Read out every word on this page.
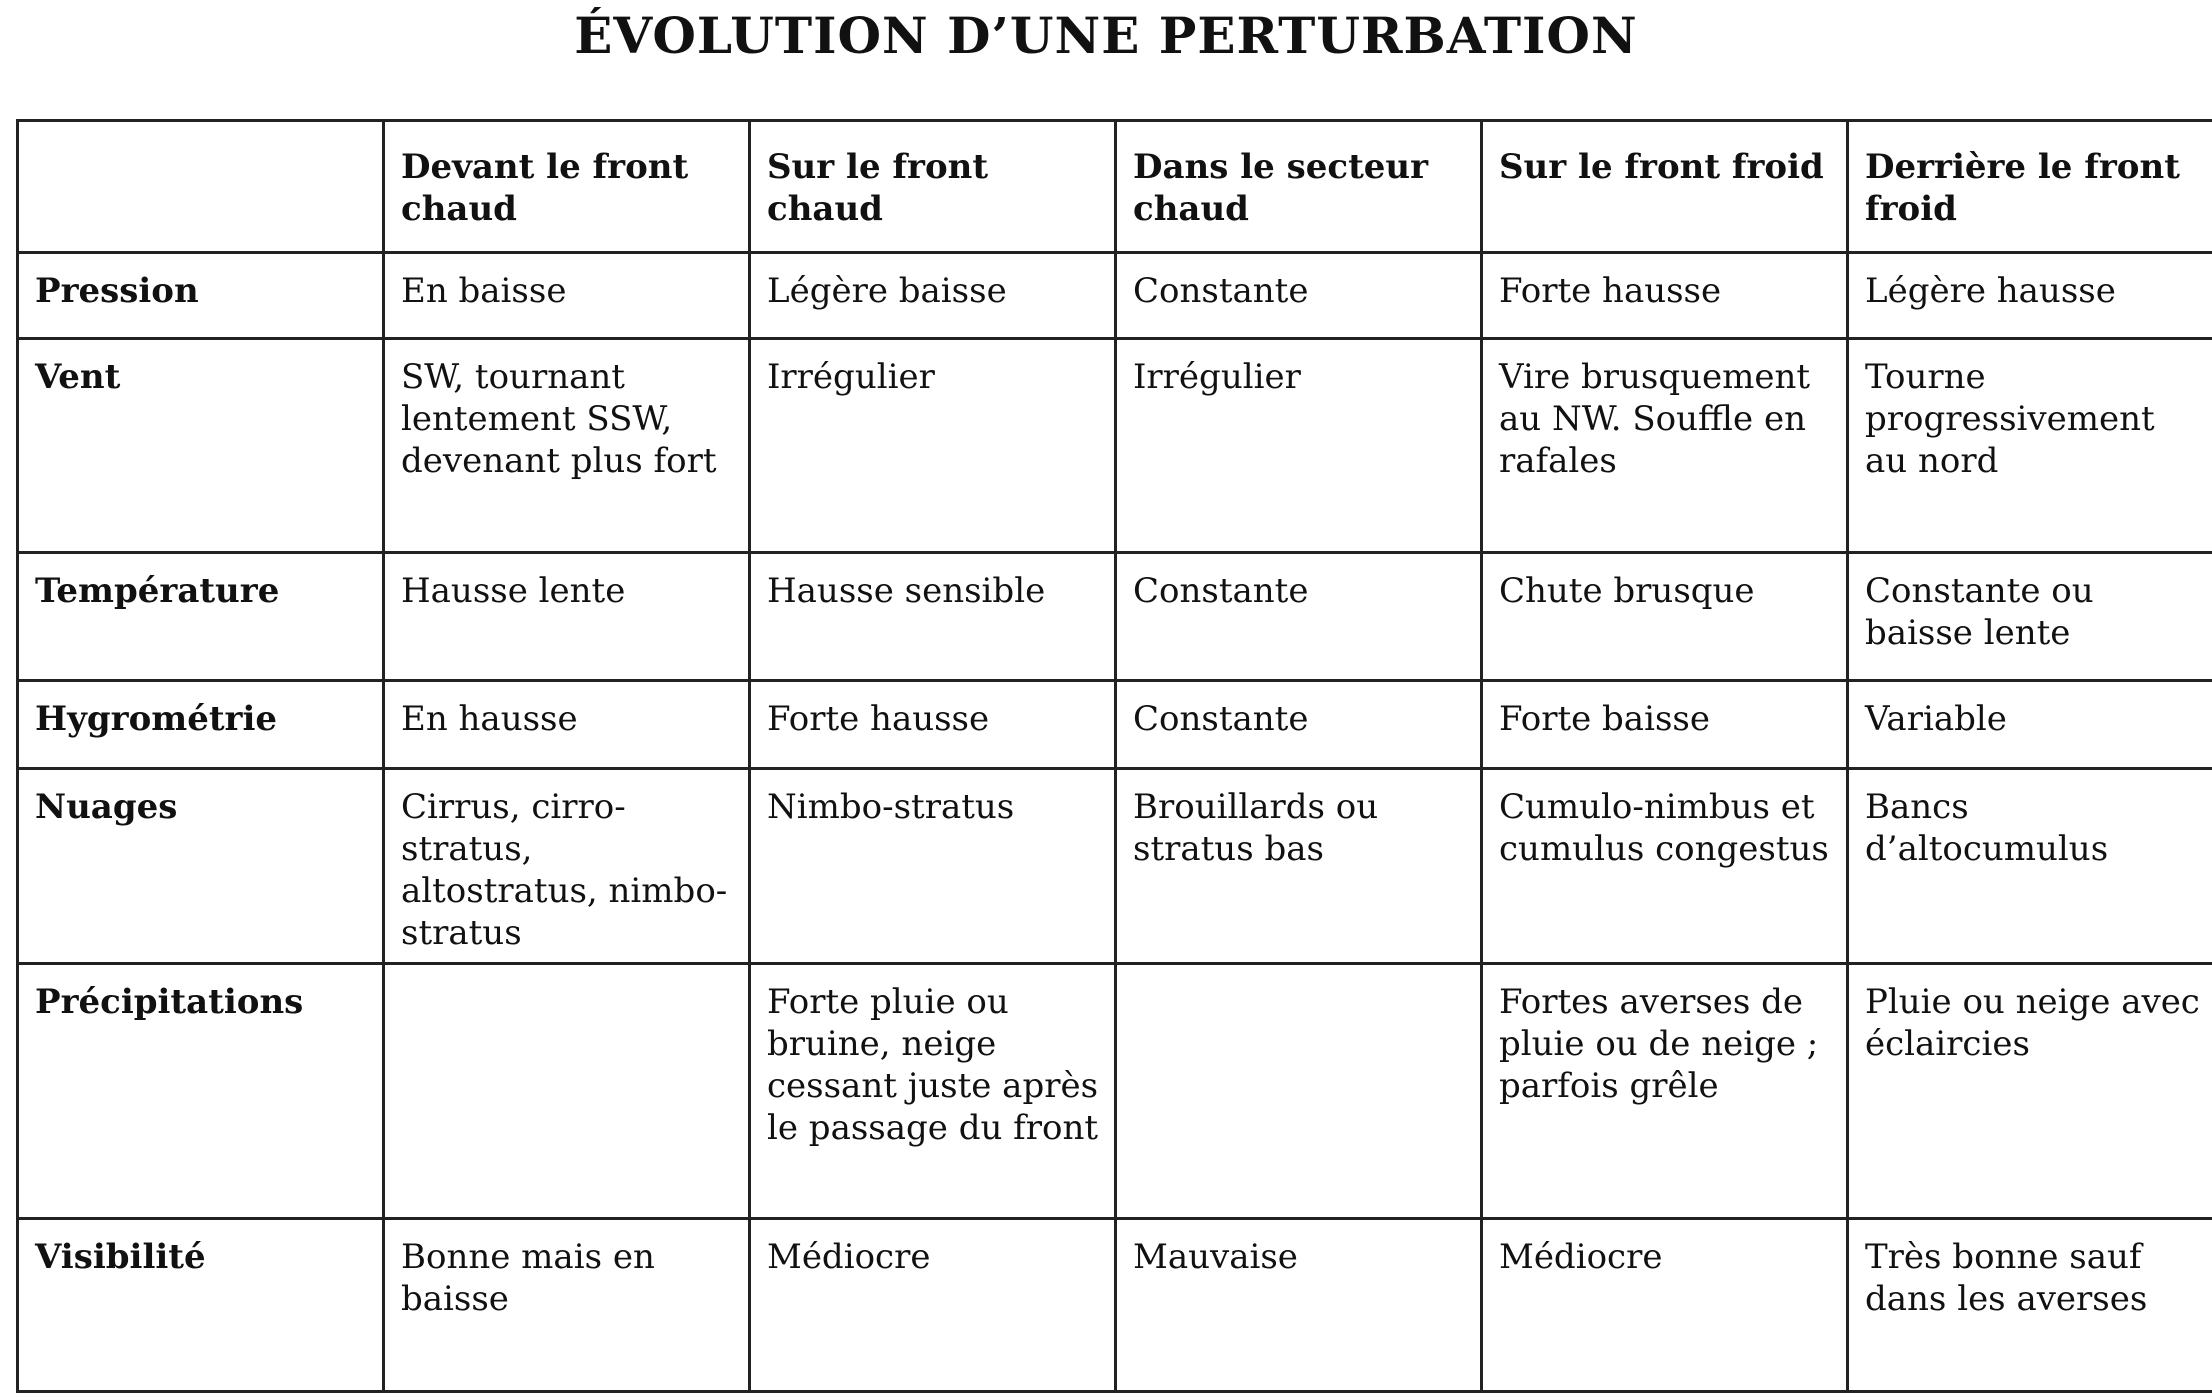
ÉVOLUTION D’UNE PERTURBATION
	Devant le front chaud	Sur le front chaud	Dans le secteur chaud	Sur le front froid	Derrière le front froid
Pression	En baisse	Légère baisse	Constante	Forte hausse	Légère hausse
Vent	SW, tournant lentement SSW, devenant plus fort	Irrégulier	Irrégulier	Vire brusquement au NW. Souffle en rafales	Tourne progressivement au nord
Température	Hausse lente	Hausse sensible	Constante	Chute brusque	Constante ou baisse lente
Hygrométrie	En hausse	Forte hausse	Constante	Forte baisse	Variable
Nuages	Cirrus, cirro-stratus, altostratus, nimbo-stratus	Nimbo-stratus	Brouillards ou stratus bas	Cumulo-nimbus et cumulus congestus	Bancs d’altocumulus
Précipitations		Forte pluie ou bruine, neige cessant juste après le passage du front		Fortes averses de pluie ou de neige ; parfois grêle	Pluie ou neige avec éclaircies
Visibilité	Bonne mais en baisse	Médiocre	Mauvaise	Médiocre	Très bonne sauf dans les averses
